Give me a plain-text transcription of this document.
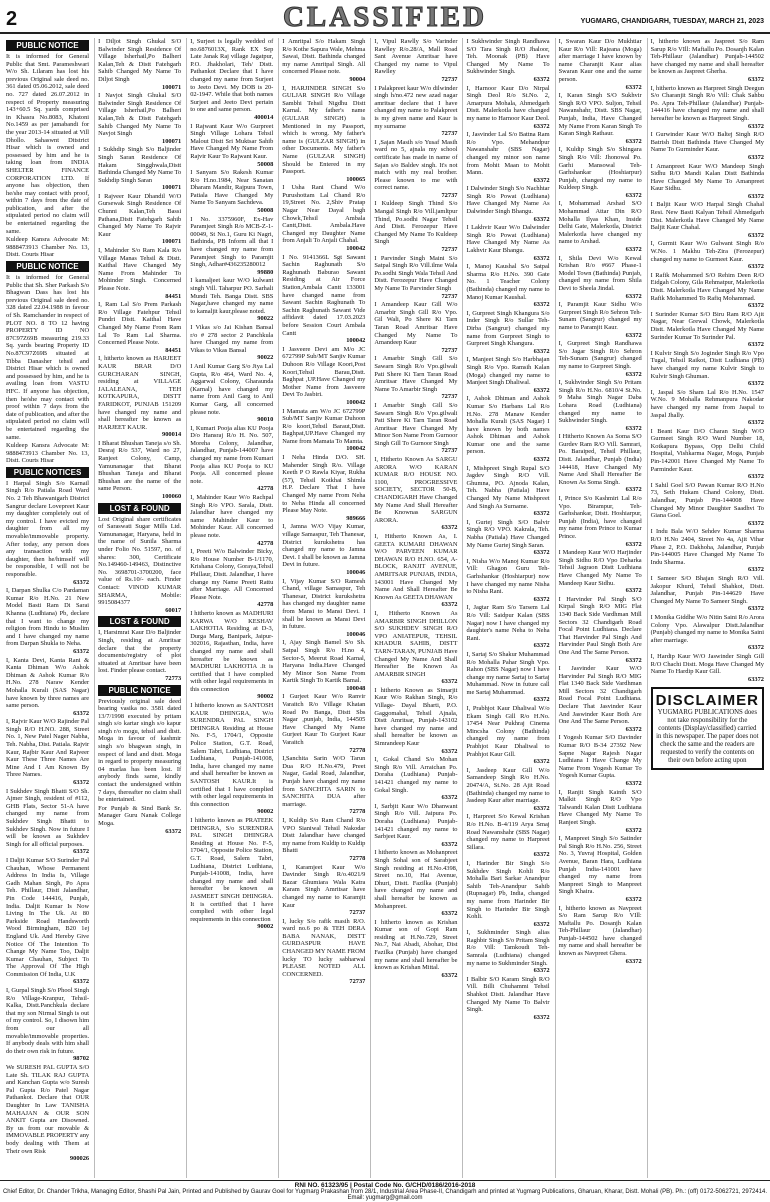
2	CLASSIFIED	YUGMARG, CHANDIGARH, TUESDAY, MARCH 21, 2023
PUBLIC NOTICE

It is informed for General Public that Smt. Parameshwari W/o Sh. Lilaram has lost his previous Original sale deed no. 361 dated 05.06.2012, sale deed no. 727 dated 26.07.2012 in respect of Property measuring 143+60.5 Sq. yards comprised in Khasra No.8083, Khatoni No.1459 as per jamabandi for the year 2013-14 situated at Vill Dhollo. Sahaswnt Ditstrict Hisar which is owned and possessed by him and he is taking loan from INDIA SHELTER FINANCE CORPORATION LTD. If anyone has objection, then he/she may contact with proof, within 7 days from the date of publication, and after the stipulated period no claim will be entertained regarding the same.

Kuldeep Kansra Advocate M: 9888473913 Chamber No. 13, Distt. Courts Hisar

PUBLIC NOTICE

It is informed for General Public that Sh. Sher Parkash S/o Bhagwan Dass has lost his previous Original sale deed no. 328 dated 22.04.1988 in favour of Sh. Ramchander in respect of PLOT NO. 8 TO 12 having PROPERTY ID NO 87C97Z69B measuring 219.33 Sq. yards bearing Property ID No.87C97Z69B situated at Tibba Danasher tehsil and District Hisar which is owned and possessed by him, and he is availing loan from VASTU HFC. If anyone has objection, then he/she may contact with proof within 7 days from the date of publication, and after the stipulated period no claim will be entertained regarding the same.

Kuldeep Kansra Advocate M: 9888473913 Chamber No. 13, Distt. Courts Hisar

PUBLIC NOTICES

I Harpal Singh S/o Karnail Singh R/o Patiala Road Ward No. 2 Teh Bhawanigarh District Sangrur declare Lovepreet Kaur my daughter completely out of my control. I have evicted my daughter from all my movable/immovable property. After today, any person does any transaction with my daughter, then he/himself will be responsible, I will not be responsible.

63372

I, Darpan Shulka C/o Pardaman Kumar R/o H.No. 21 New Model Basti Ram Di Sarai Khanna (Ludhiana) Pb, declare that I want to change my religion from Hindu to Muslim and I have changed my name from Darpan Shukla to Neha.

63372

I, Kanta Devi, Kanta Rani & Kanta Dhiman W/o Ashok Dhiman & Ashok Kumar R/o H.No. 278 Naraw Kender Mohalla Kurali (SAS Nagar) have known by three names are same person.

63372

I, Rajvir Kaur W/O Rajinder Pal Singh R/O H.NO. 288, Street No. 1, New Patel Nager Nabha, Teh. Nabha, Dist. Patiala. Rajvir Kaur, Rajbir Kaur And Rajveer Kaur These Three Names Are Mine And I Am Known By Three Names.

63372

I Sukhdev Singh Bhatti S/O Sh. Ajmer Singh, resident of #112, GHB Flats, Sector 51-A have changed my name from Sukhdev Singh Bhatti to Sukhdev Singh. Now in future I will be known as Sukhdev Singh for all official purposes.

63372

I Daljit Kumar S/O Surinder Pal Chauhan, Whose Permanent Address In India Is, Village Gadh Mahan Singh, Po Apra Teh. Phillaur, Distt Jalandhar, Pin Code 144416, Punjab, India. Daljit Kumar Is Now Living In The Uk. At 80 Parkside Road Handsworth Wood Birmingham, B20 1ej England Uk. And Hereby Give Notice Of The Intention To Change My Name Too, Daljit Kumar Chauhan, Subject To The Approval Of The High Commission Of India, U.K

63372

I, Gurpal Singh S/o Phool Singh R/o Village-Kranpur, Tehsil-Kalka, Distt.Panchkula declare that my son Nirmal Singh is out of my control. So, I disown him from our all movable/immovable properties. If anybody deals with him shall do their own risk in future.

98702

We SURESH PAL GUPTA S/O Late Sh. TILAK RAJ GUPTA and Kanchan Gupta w/o Suresh Pal Gupta R/o Patel Nagar Pathankot. Declare that OUR Daughter In Law TANISHA MAHAJAN & OUR SON ANKIT Gupta are Disowned. By us from our movable & IMMOVABLE PROPERTY any body dealing with Them at Their own Risk

900026

I Diljot Singh Ghukal S/O Balwinder Singh Residence Of Village Isherhail,Po Balheri Kalan,Teh & Distt Fatehgarh Sahib Changed My Name To Diljot Singh

100071

I Navjot Singh Ghukal S/O Balwinder Singh Residence Of Village Isherhail,Po Balheri Kalan,Teh & Distt Fatehgarh Sahib Changed My Name To Navjot Singh

100071

I Sukhdip Singh S/o Baljinder Singh Saran Residence Of Hakam Singghwala,Distt Bathinda Changed My Name To Sukhdip Singh Saran

100071

I Rajveer Kaur Dhandil W/O Gursewak Singh Residence Of Chunni Kalan,Teh Bassi Pathana,Distt Fatehgarh Sahib Changed My Name To Rajvir Kaur

100071

I, Mahinder S/o Ram Kala R/o Village Manas Tehsil & Distt. Kaithal Have Changed My Name From Mahinder To Mohinder Singh. Concerned Please Note.

84451

I, Ram Lal S/o Prem Parkash R/o Village Fatehpur Tehsil Pundri Distt. Kaithal Have Changed My Name From Ram Lal To Ram Lal Sharma. Concerned Please Note.

84451

I, hitherto known as HARJEET KAUR BRAR D/O GURCHARAN SINGH, residing at VILLAGE JALALEANA, TEH KOTKAPURA, DISTT FARIDKOT, PUNJAB 151209 have changed my name and shall hereafter be known as HARJEET KAUR.

900014

I Bharat Bhushan Taneja s/o Sh. Desraj R/o 537, Ward no 27, Ranjeet Colony, Camp, Yamunanagar that Bharat Bhushan Taneja and Bharat Bhushan are the name of the same Person.

100060

LOST & FOUND

Lost Original share certificates of Saraswati Sugar Mills Ltd. Yamunanagar, Haryana, held in the name of Sunila Sharma under Folio No. 51597, no. of shares: 300, Certificate No.149460-149463, Distinctive No. 3698701-3700200, face value of Rs.10/- each. Finder Contact: VINOD KUMAR SHARMA, Mobile: 9915084377

60017

LOST & FOUND

I, Harsimrat Kaur D/o Baljinder Singh, residing at Amritsar declare that the property documents/registry of plot situated at Amritsar have been lost. Finder please contact.

72773

PUBLIC NOTICE

Previously original sale deed bearing vasika no. 3581 dated 13/7/1998 executed by pritam singh s/o kartar singh s/o kapur singh r/o mogu, tehsil and distt. Moga in favour of kashmir singh s/o bhagwan singh, in respect of land and distt. Moga in regard to property measuring 04 marlas has been lost. If anybody finds same, kindly contact the undersigned within 7 days, thereafter no claim shall be entertained.

For Punjab & Sind Bank Sr. Manager Guru Nanak College Moga.

63372

I, Surjeet is legally wedded of no.6876013X, Rank EX Sep Late Janak Raj village Jagatpur, P.O. Jhakholari, Teh/ Distt. Pathankot Declare that I have changed my name from Surjeet to Jeeto Devi. My DOB is 20-02-1947. While that both names Surjeet and Jeeto Devi pertain to one and same person.

400014

I Rajwant Kaur W/o Gurpreet Singh Village Lohara Tehsil Malout Distt Sri Muktsar Sahib Have Changed My Name From Rajvir Kaur To Rajwant Kaur.

50008

I Sanyam S/o Rakesh Kumar R/o H.no.1984, Near Sanatan Dharam Mandir, Rajpura Town, Patiala Have Changed My Name To Sanyam Sachdeva.

50008

I No. 3375960F, Ex-Hav Paramjeet Singh R/o MCB-Z-1-00049, St No.1, Guru Ki Nagri, Bathinda, PB Inform all that I have changed my name from Paramjeet Singh to Paramjit Singh, Adhar#436235280012

99880

I kamaljeet kaur W/O kulwant singh Vill. Taharpur PO. Sarhali Mundi Teh. Banga Distt. SBS Nagar,have changed my name to kamaljit kaur,please noted.

90022

I Vikas s/o Jai Kishan Bansal r/o # 278 sector 2 Panchkula have Changed my name from Vikas to Vikas Bansal

90022

I Anil Kumar Garg S/o Jiya Lal Gupta, R/o 464, Ward No. 4, Aggarwal Colony, Gharaunda (Karnal) have changed my name from Anil Garg to Anil Kumar Garg, all concerned please note.

90010

I, Kumari Pooja alias KU Pooja D/o Hansraj R/o H. No. 507, Moreha Colony, Jalandhar, Jalandhar, Punjab-144007 have changed my name from Kumari Pooja alias KU Pooja to KU Pooja. All concerned please note.

42778

I, Mahinder Kaur W/o Rachpal Singh R/o VPO. Sarala, Distt. Jalandhar have changed my name Mahinder Kaur to Mohinder Kaur. All concerned please note.

42778

I, Preeti W/o Balwinder Bicky, R/o House Number B-1/1170, Krishana Colony, Goraya,Tehsil Phillaur, Distt. Jalandhar, I have change my Name Preeti Rattu after Marriage. All Concerned Please Note.

42778

I hitherto known as MADHURI KARWA W/O KESHAV LAKHOTIA Residing at D-3, Durga Marg, Banipark, Jaipur-302016, Rajasthan, India, have changed my name and shall hereafter be known as MADHURI LAKHOTIA .It is certified that I have complied with other legal requirements in this connection

90002

I hitherto known as SANTOSH KAUR DHINGRA, W/o SURENDRA PAL SINGH DHINGRA Residing at House No. F-5, 1704/1, Opposite Police Station, G.T. Road, Salem Tabri, Ludhiana, District Ludhiana, Punjab-141008, India, have changed my name and shall hereafter be known as SANTOSH KAUR.It is certified that I have complied with other legal requirements in this connection

90002

I hitherto known as PRATEEK DHINGRA, S/o SURENDRA PAL SINGH DHINGRA Residing at House No. F-5, 1704/1, Opposite Police Station, G.T. Road, Salem Tabri, Ludhiana, District Ludhiana, Punjab-141008, India, have changed my name and shall hereafter be known as JASMEET SINGH DHINGRA. It is certified that I have complied with other legal requirements in this connection

90002

I Amritpal S/o Hakam Singh R/o Kothe Sapura Wale, Mehma Sawai, Distt. Bathinda changed my name Amritpal Singh. All concerned Please note.

90004

I, HARJINDER SINGH S/o GULJAR SINGH R/o Village Sambhi Tehsil Nigdhu Distt Karnal. My father's name (GULJAR SINGH) is Mentioned in my Passport, which is wrong. My father's name is (GULZAR SINGH) in other Documents. My father's Name (GULZAR SINGH) Should be Entered in my Passport.

100065

I Usha Rani Chand W/o Purushottam Lal Chand R/o 19,Street No. 2,Shiv Pratap Nagar Near Dayal bagh Chowk,Tehsil Ambala Cantt,Distt. Ambala.Have Changed my Daughter Name from Anjali To Anjali Chahal.

100042

I No. 9141366L Sgt Sawant Sachin Raghunath S/o Raghunath Baburao Sawant Residing at Air Force Station,Ambala Cantt 133001 have changed name from Sawant Sachin Raghunath To Sachin Raghunath Sawant Vide affidavit dated 17.03.2023 before Session Court Ambala Cantt

100042

I Jasveere Devi am M/o JC 672799P Sub/MT Sanjiv Kumar Duhoon R/o Village Koori,Post Koori,Tehsil Barau,Distt. Baghpat ,UP.Have Changed my Mother Name from Jasveere Devi To Jasbiri.

100042

I Mamata am W/o JC 672799P Sub/MT Sanjiv Kumar Duhoon R/o koori,Tehsil Baraut,Distt. Baghpat,UP.Have Changed my Name from Mamata To Mamta.

100042

I Neha Hinda D/O. SH. Mahender Singh R/o. Village Keeth P O Rawla Kiyar, Rukha (57), Tehsil Kotkhai Shimla H.P. Declare That I have Changed My name From Neha to Neha Hinda all concerned Please May Note.

989666

I, Jamna W/O Vijay Kumar, village Samaspur, Teh Thanesar, District kurukshetra has changed my name to Jamna Devi. I shall be known as Jamna Devi in future.

100046

I, Vijay Kumar S/O Ramesh Chand, village Samaspur, Teh Thanesar, District kurukshetra has changed my daughter name from Mansi to Mansi Devi. I shall be known as Mansi Devi in future.

100046

I, Ajay Singh Bamel S/o Sh. Satpal Singh R/o H.no 4, Sector-5, Meerut Road Karnal, Haryana India.Have Changed My Minor Son Name From Kartik Singh To Kartik Bamal.

100048

I Gurjeet Kaur W/o Ranvir Varaitch R/o Village Khatan Road Po Banga, Distt Sbs Nagar ,punjab, India, 144505 Have Changed My Name Gurjeet Kaur To Gurjeet Kaur Varaitch

72778

I,Sanchita Sarin W/O Tarun Dua R/O H.No.479, Preet Nagar, Gadal Road, Jalandhar, Punjab have changed my name from SANCHITA SARIN to SANCHITA DUA after marriage.

72778

I, Kuldip S/o Ram Chand R/o VPO Sianiwal Tehsil Nakodar Distt Jalandhar have changed my name from Kuldip to Kuldip Bhatti

72778

I, Karamjeet Kaur W/o Davinder Singh R/o.4021/9 Bazar Ghumiara Wala Katra Karam Singh Amritsar have changed my name to Karamjit Kaur

72737

I, lucky S/o rafik masih R/O. ward no.6 po & TEH DERA BABA NANAK, DISTT GURDASPUR HAVE CHANGED MY NAME FROM lucky TO lucky sabharwal PLEASE NOTED ALL CONCERNED.

72737

I, Vipul Rawlly S/o Varinder Rawlley R/o.28/A, Mall Road Sant Avenue Amritsar have Changed my name to Vipul Rawlley

72737

I Palakpreet kaur W/o dilwinder singh h/no.472 new azad nagar amritsar declare that I have changed my name to Palakpreet is my given name and Kaur is my surname

72737

I ,Sajan Masih s/o Yusaf Masih ward no 5, ajnala my school certificate has made in name of Sajan s/o Baldev singh. It's not match with my real brother. Please known to me with correct name.

72737

I Kuldeep Singh Thind S/o Mangal Singh R/o Vill.jamltpur Thind, Po.sodhi Nagar Tehsil And Distt. Ferozepur Have Changed My Name To Kuldeep Singh

72737

I Parvinder Singh Maini S/o Satpal Singh R/o Vill.ilme Wala Po.sodhi Singh Wala Tehsil And Distt. Ferozepur Have Changed My Name To Parvinder Singh

72737

I Amandeep Kaur Gill W/o Amarbir Singh Gill R/o Vpo. Gil Wali, Po Shere Ki Tarn Taran Road Amritsar Have Changed My Name To Amandeep Kaur

72737

I Amarbir Singh Gill S/o Sawarn Singh R/o Vpo.gilwali Pati Shere Ki Tarn Taran Road Amritsar Have Changed My Name To Amarbir Singh

72737

I Amarbir Singh Gill S/o Sawarn Singh R/o Vpo.gilwali Pati Shere Ki Tarn Taran Road Amritsar Have Changed My Minor Son Name From Gurnoor Singh Gill To Gurnoor Singh

72737

I, Hitherto Known As SARGU ARORA W/O KARAN KUMAR R/O HOUSE NO. 1100, PROGRESSIVE SOCIETY, SECTOR 50-B, CHANDIGARH Have Changed My Name And Shall Hereafter Be Knownas SARGUN ARORA.

63372

I, Hitherto Known As, I. GEETA KUMARI DHAWAN W/O PARVEEN KUMAR DHAWAN R/O H.NO. 654, A-BLOCK, RANJIT AVENUE, AMRITSAR PUNJAB, INDIA, 143001 Have Changed My Name And Shall Hereafter Be Known As GEETA DHAWAN

63372

I, Hitherto Known As AMARBIR SINGH DHILLON S/O SUKHDEV SINGH R/O VPO ANIATEPUR, TEHSIL KHADUR SAHIB, DISTT TARN-TARAN, PUNJAB Have Changed My Name And Shall Hereafter Be Known As AMARBIR SINGH

63372

I hitherto Known as Simarjit Kaur W/o Rakhan Singh, R/o Village- Dayal Bharti, P.O. Gaggomahal, Tehsil Ajnala, Distt Amritsar, Punjab-143102 have changed my name and shall hereafter be known as Simrandeep Kaur

63372

I, Gokal Chand S/o Mohan Singh R/o Vill. Arraichan Po. Doraha (Ludhiana) Punjab-141421 changed my name to Gokal Singh.

63372

I, Sarbjit Kaur W/o Dhanwant Singh R/o Vill. Jaipura Po. Doraha (Ludhiana) Punjab-141421 changed my name to Sarbjeet Kaur.

63372

I hitherto known as Mohanpreet Singh Sohal son of Sarabjeet Singh residing at H.No.4398, Street no.10, Hai Avenue, Dhuri, Distt. Fazilka (Punjab) have changed my name and shall hereafter be known as Mohanpreet.

63372

I hitherto known as Krishan Kumar son of Gopi Ram residing at H.No.729, Street No.7, Nai Abadi, Abohar, Dist Fazilka (Punjab) have changed my name and shall hereafter be known as Krishan Mittal.

63372

I Sukhwinder Singh Randhawa S/O Tara Singh R/O Jhaloor, Teh. Moonak (PB) Have Changed My Name To Sukhwinder Singh.

63372

I, Harnoor Kaur D/o Nirpal Singh Deol R/o St.No. 2, Amarpura Mohala, Ahmedgarh Distt. Malerkotla have changed my name to Harnoor Kaur Deol.

63372

I, Jasvinder Lal S/o Battna Ram R/o Vpo. Mehandpur Nawanshahr (SBS Nagar) changed my minor son name from Mohit Maan to Mohit Mann.

63372

I Dalwinder Singh S/o Nachhtar Singh R/o Powat (Ludhiana) Have Changed My Name As Dalwinder Singh Bhangu.

63372

I Lakhvir Kaur W/o Dalwinder Singh R/o Powat (Ludhiana) Have Changed My Name As Lakhvir Kaur Bhangu.

63372

I, Manoj Kaushal S/o Satpal Sharma R/o H.No. 390 Gate No. 1 Teacher Colony (Bathinda) changed my name to Manoj Kumar Kaushal.

63372

I, Gurpreet Singh Khangura S/o Inder Singh R/o Sullar Teh-Dirba (Sangrur) changed my name from Gurpreet Singh to Gurpreet Singh Khangura.

63372

I, Manjeet Singh S/o Harbhajan Singh R/o Vpo. Ramsih Kalan (Moga) changed my name to Manjeet Singh Dhaliwal.

63372

I, Ashok Dhiman and Ashok Kumar S/o Harbans Lal R/o H.No. 278 Manaw Kender Mohalla Kurali (SAS Nagar) I have known by both names Ashok Dhiman and Ashok Kumar one and the same person.

63372

I, Mishpreet Singh Rupal S/O Jagdev Singh R/O Vill. Ghumna, PO. Ajnoda Kalan, Teh. Nabha (Patiala) Have Changed My Name Mishpreet And Singh As Surname.

63372

I, Gurtej Singh S/O Balvir Singh R/O VPO. Kakrala, Teh. Nabha (Patiala) Have Changed My Name Gurtej Singh Saran.

63372

I, Nisha W/o Manoj Kumar R/o Vill: Ghagon Guru Teh-Garhshankar (Hoshiarpur) now I have changed my name Nisha to Nisha Rani.

63372

I, Jagtar Ram S/o Tarsem Lal R/o Vill: Saidpur Kalan (SBS Nagar) now I have changed my daughter's name Neha to Neha Rani.

63372

I, Sartaj S/o Shakur Muhammad R/o Mohalla Pahar Singh Vpo. Rahon (SBS Nagar) now I have change my name Sartaj to Sartaj Muhammad. Now in future call me Sartaj Muhammad.

63372

I, Prabhjot Kaur Dhaliwal W/o Ekam Singh Gill R/o H.No. 17454 Near Pukhraj Cinema Mincsha Colony (Bathinda) changed my name from Prabhjot Kaur Dhaliwal to Prabhjot Kaur Gill.

63372

I, Jasdeep Kaur Gill W/o Samandeep Singh R/o H.No. 20474/A, St.No. 28 Ajit Road (Bathinda) changed my name to Jasdeep Kaur after marriage.

63372

I, Harpreet S/o Kewal Krishan R/o H.No. B-4/119 Arya Smaj Road Nawanshahr (SBS Nagar) changed my name to Harpreet Sillara.

63372

I, Harinder Bir Singh S/o Sukhdev Singh Kohli R/o Mohalla Bari Sarkar Anandpur Sahib Teh-Anandpur Sahib (Rupnagar) Pb, India, changed my name from Harinder Bir Singh to Harinder Bir Singh Kohli.

63372

I, Sukhminder Singh alias Raghbir Singh S/o Pritam Singh R/o Vill: Tamkoudi Teh-Samrala (Ludhiana) changed my name to Sukhminder Singh.

63372

I Balbir S/O Karam Singh R/O Vill. Billi Chuhammi Tehsil Shahkot Distt. Jalandhar Have Changed My Name To Balvir Singh.

63372

I, Swaran Kaur D/o Mukhtiar Kaur R/o Vill: Rajeana (Moga) after marriage I have known by name Charanjit Kaur alias Swaran Kaur one and the same person.

63372

I, Karan Singh S/O Sukhvir Singh R/O VPO. Suljon, Tehsil Nawanshahr, Distt. SBS Nagar, Punjab, India, Have Changed My Name From Karan Singh To Karan Singh Rathaur.

63372

I, Kuldip Singh S/o Shingara Singh R/o Vill: Jhonowal Po. Garhi Mansowal Teh-Garhshankar (Hoshiarpur) Punjab, changed my name to Kuldeep Singh.

63372

I, Mohammad Arshad S/O Mohammad Attar Din R/O Mohalla Ilyas Khan, Inside Delhi Gate, Malerkotla, District Malerkotla have changed my name to Arshad.

63372

I, Shila Devi W/o Kewal Krishan R/o #667 Phase-1 Model Town (Bathinda) Punjab, changed my name from Shila Devi to Sheela Jindal.

63372

I, Paramjit Kaur Sidhu W/o Gurpreet Singh R/o Sehron Teh-Sunam (Sangrur) changed my name to Paramjit Kaur.

63372

I, Gurpreet Singh Randhawa S/o Jagar Singh R/o Sehron Teh-Sunam (Sangrur) changed my name to Gurpreet Singh.

63372

I, Sukhvinder Singh S/o Pritam Singh R/o H.No. 6810/4 St.No. 9 Maha Singh Nagar Daba Lohara Road (Ludhiana) changed my name to Sukhwinder Singh.

63372

I Hitherto Known As Soma S/O Gurdev Ram R/O Vill. Samrari, Po. Baraiped, Tehsil Phillaur, Distt. Jalandhar, Punjab (India) 144418, Have Changed My Name And Shall Hereafter Be Known As Soma Singh.

63372

I, Prince S/o Kashmiri Lal R/o Vpo. Birampur, Teh-Garhshankar, Distt. Hoshiarpur, Punjab (India), have changed my name from Prince to Kumar Prince.

63372

I Mandeep Kaur W/O Harjinder Singh Sidhu R/O Vpo Deharka Tehsil Jagraon Distt Ludhiana Have Changed My Name To Mandeep Kaur Sidhu.

63372

I Harvinder Pal Singh S/O Kirpal Singh R/O MIG Flat 1340 Back Side Vardhman Mill Sectors 32 Chandigarh Road Focal Point Ludhiana. Declare That Harvinder Pal Singh And Harvinder Paul Singh Both Are One And The Same Person.

63372

I Jasvinder Kaur W/O Harvinder Pal Singh R/O MIG Flat 1340 Back Side Vardhman Mill Sectors 32 Chandigarh Road Focal Point Ludhiana. Declare That Jasvinder Kaur And Jaswinder Kaur Both Are One And The Same Person.

63372

I Yogesh Kumar S/O Davinder Kumar R/O B-34 27392 New Sapne Nagar Rajesh Nagar Ludhiana I Have Change My Name From Yogesh Kumar To Yogesh Kumar Gupta.

63372

I, Ranjit Singh Kainth S/O Malkit Singh R/O Vpo Talwandi Kalan Distt Ludhiana Have Changed My Name To Ranjeet Singh.

63372

I, Manpreet Singh S/o Satinder Pal Singh R/o H.No. 256, Street No. 3, Yuvraj Hospital, Golden Avenue, Baran Hara, Ludhiana Punjab India-141001 have changed my name from Manpreet Singh to Manpreet Singh Khaira.

63372

I, hitherto known as Navpreet S/o Ram Sarup R/o VIll: Maftallu Po. Dosanjh Kalan Teh-Phillaur (Jalandhar) Punjab-144502 have changed my name and shall hereafter be known as Navpreet Ghera.

63372

I, hitherto known as Jaspreet S/o Ram Sarup R/o VIll: Maftallu Po. Dosanjh Kalan Teh-Phillaur (Jalandhar) Punjab-144502 have changed my name and shall hereafter be known as Jaspreet Gherha.

63372

I, hitherto known as Harpreet Singh Deegun S/o Charanjit Singh R/o Vill: Chak Sahbu Po. Apra Teh-Phillaur (Jalandhar) Punjab-144416 have changed my name and shall hereafter be known as Harpreet Singh.

63372

I Gurwinder Kaur W/O Baltej Singh R/O Batrish Distt Bathinda Have Changed My Name To Gurminder Kaur.

63372

I Amanpreet Kaur W/O Mandeep Singh Sidhu R/O Mandi Kalan Distt Bathinda Have Changed My Name To Amanpreet Kaur Sidhu.

63372

I Baljit Kaur W/O Harpal Singh Chahal Resi. New Basti Kalyan Tehsil Ahmedgarh Dist. Malerkotla Have Changed My Name Baljit Kaur Chahal.

63372

I, Gurmit Kaur W/o Gulwant Singh R/o W.No. 1 Makhu Teh-Zira (Ferozepur) changed my name to Gurmeet Kaur.

63372

I Rafik Mohammed S/O Rehim Deen R/O Eidgah Colony, Gila Rehmatpur, Malerkotla Distt. Malerkotla Have Changed My Name Rafik Mohammed To Rafiq Mohammad.

63372

I Surinder Kumar S/O Biru Ram R/O Ajit Nagar, Near Grewal Chowk, Malerkotla Distt. Malerkotla Have Changed My Name Surinder Kumar To Surinder Pal.

63372

I Kulvir Singh S/o Joginder Singh R/o Vpo Tugal, Tehsil Raikot, Distt Ludhiana (PB) have changed my name Kulvir Singh to Kulvir Singh Ghuman.

63372

I, Jaspal S/o Sham Lal R/o H.No. 1547 W.No. 9 Mohalla Rehmanpura Nakodar have changed my name from Jaspal to Jaspal Jhally.

63372

I Beant Kaur D/O Charan Singh W/O Gurmeet Singh R/O Ward Number 18, Kotkapura Bypass, Opp Delhi Child Hospital, Vishkarma Nagar, Moga, Punjab Pin-142001 Have Changed My Name To Parminder Kaur.

63372

I Sahil Goel S/O Pawan Kumar R/O H.No 73, Seth Hukam Chand Colony, Distt. Jalandhar, Punjab Pin-144008 Have Changed My Minor Daughter Saadhvi To Giana Goel.

63372

I Indu Bala W/O Sehdev Kumar Sharma R/O H.No 2404, Street No 4a, Ajit Vihar Phase 2, P.O. Dakhoha, Jalandhar, Punjab Pin-144005 Have Changed My Name To Indu Sharma.

63372

I Sameer S/O Bhajan Singh R/O Vill. Jakopur Khurd, Tehsil Shahkot, Distt. Jalandhar, Punjab Pin-144629 Have Changed My Name To Sameer Singh.

63372

I Monika Giddhe W/o Nitin Saini R/o Arora Colony Vpo. Alawalpur Distt.Jalandhar (Punjab) changed my name to Monika Saini after marriage.

63372

I, Hardip Kaur W/O Jaswinder Singh Gill R/O Chachi Distt. Moga Have Changed My Name To Hardip Kaur Gill.

63372

DISCLAIMER

YUGMARG PUBLICATIONS does not take responsibility for the contents (Display/classified) carried in this newspaper. The paper does not check the same and the readers are requested to verify the contents on their own before acting upon

RNI NO. 61323/95 | Postal Code No. G/CHD/0186/2016-2018
Chief Editor, Dr. Chander Trikha, Managing Editor, Shashi Pal Jain, Printed and Published by Gaurav Goel for Yugmarg Prakashan from 28/1, Industrial Area Phase-II, Chandigarh and printed at Yugmarg Publications, Gharuan, Kharar, Distt. Mohali (PB). Ph.: (off) 0172-5062721, 2972414. Email: yugmarg@gmail.com
